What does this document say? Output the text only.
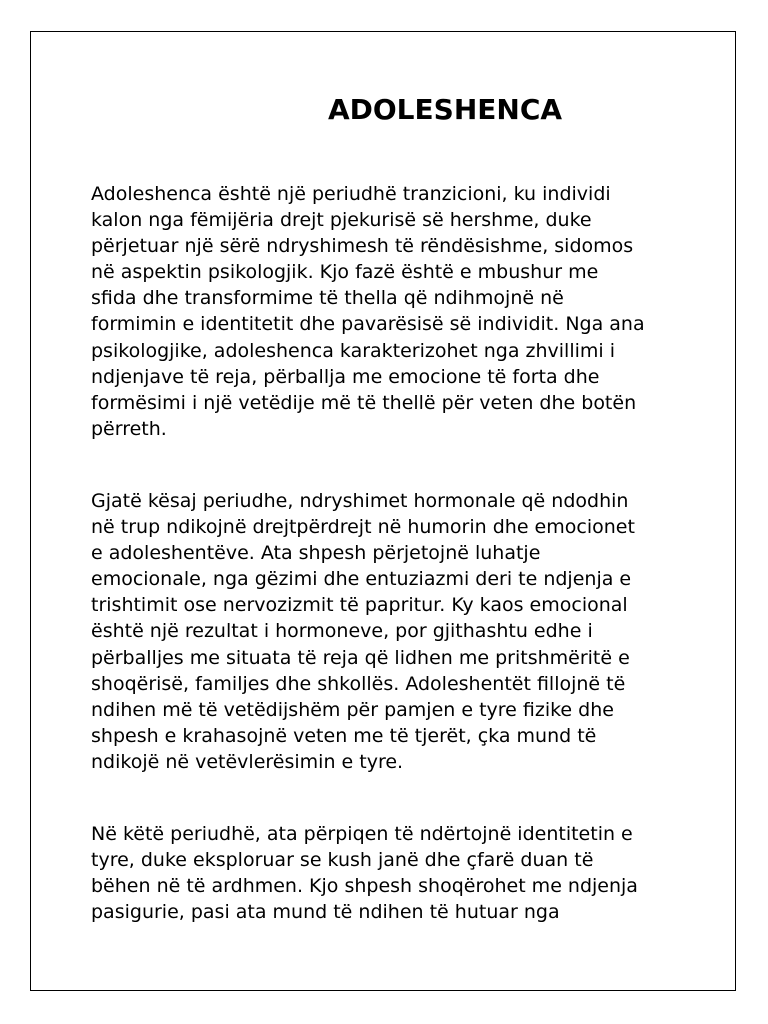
ADOLESHENCA

Adoleshenca është një periudhë tranzicioni, ku individi
kalon nga fëmijëria drejt pjekurisë së hershme, duke
përjetuar një sërë ndryshimesh të rëndësishme, sidomos
në aspektin psikologjik. Kjo fazë është e mbushur me
sfida dhe transformime të thella që ndihmojnë në
formimin e identitetit dhe pavarësisë së individit. Nga ana
psikologjike, adoleshenca karakterizohet nga zhvillimi i
ndjenjave të reja, përballja me emocione të forta dhe
formësimi i një vetëdije më të thellë për veten dhe botën
përreth.

Gjatë kësaj periudhe, ndryshimet hormonale që ndodhin
në trup ndikojnë drejtpërdrejt në humorin dhe emocionet
e adoleshentëve. Ata shpesh përjetojnë luhatje
emocionale, nga gëzimi dhe entuziazmi deri te ndjenja e
trishtimit ose nervozizmit të papritur. Ky kaos emocional
është një rezultat i hormoneve, por gjithashtu edhe i
përballjes me situata të reja që lidhen me pritshmëritë e
shoqërisë, familjes dhe shkollës. Adoleshentët fillojnë të
ndihen më të vetëdijshëm për pamjen e tyre fizike dhe
shpesh e krahasojnë veten me të tjerët, çka mund të
ndikojë në vetëvlerësimin e tyre.

Në këtë periudhë, ata përpiqen të ndërtojnë identitetin e
tyre, duke eksploruar se kush janë dhe çfarë duan të
bëhen në të ardhmen. Kjo shpesh shoqërohet me ndjenja
pasigurie, pasi ata mund të ndihen të hutuar nga
